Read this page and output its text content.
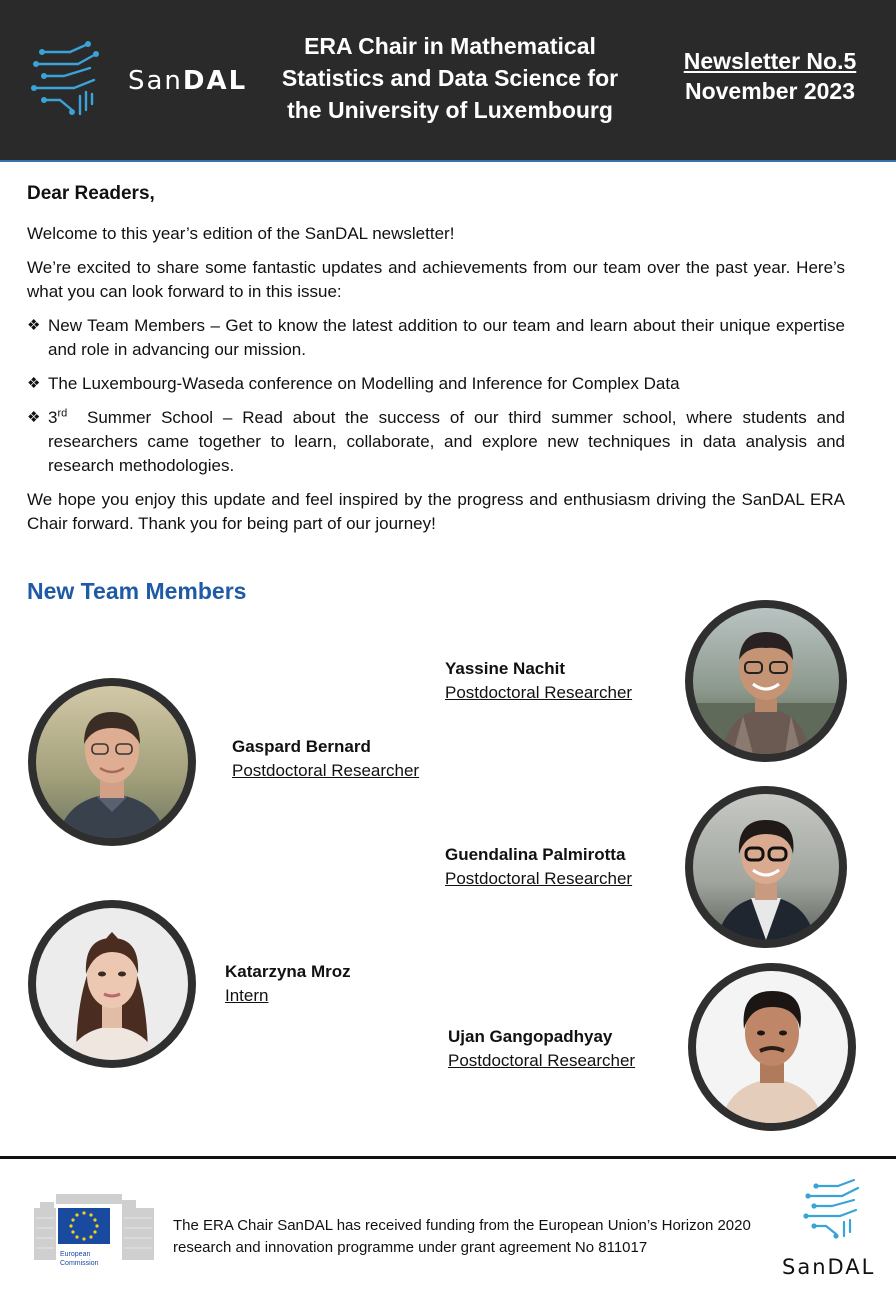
SanDAL
ERA Chair in Mathematical
Statistics and Data Science for
the University of Luxembourg
Newsletter No.5
November 2023
Dear Readers,

Welcome to this year’s edition of the SanDAL newsletter!

We’re excited to share some fantastic updates and achievements from our team over the past year. Here’s what you can look forward to in this issue:

❖ New Team Members – Get to know the latest addition to our team and learn about their unique expertise and role in advancing our mission.
❖ The Luxembourg-Waseda conference on Modelling and Inference for Complex Data
❖ 3rd Summer School – Read about the success of our third summer school, where students and researchers came together to learn, collaborate, and explore new techniques in data analysis and research methodologies.

We hope you enjoy this update and feel inspired by the progress and enthusiasm driving the SanDAL ERA Chair forward. Thank you for being part of our journey!

New Team Members
Yassine Nachit
Postdoctoral Researcher
Gaspard Bernard
Postdoctoral Researcher
Guendalina Palmirotta
Postdoctoral Researcher
Katarzyna Mroz
Intern
Ujan Gangopadhyay
Postdoctoral Researcher
European
Commission
The ERA Chair SanDAL has received funding from the European Union’s Horizon 2020 research and innovation programme under grant agreement No 811017
SanDAL
